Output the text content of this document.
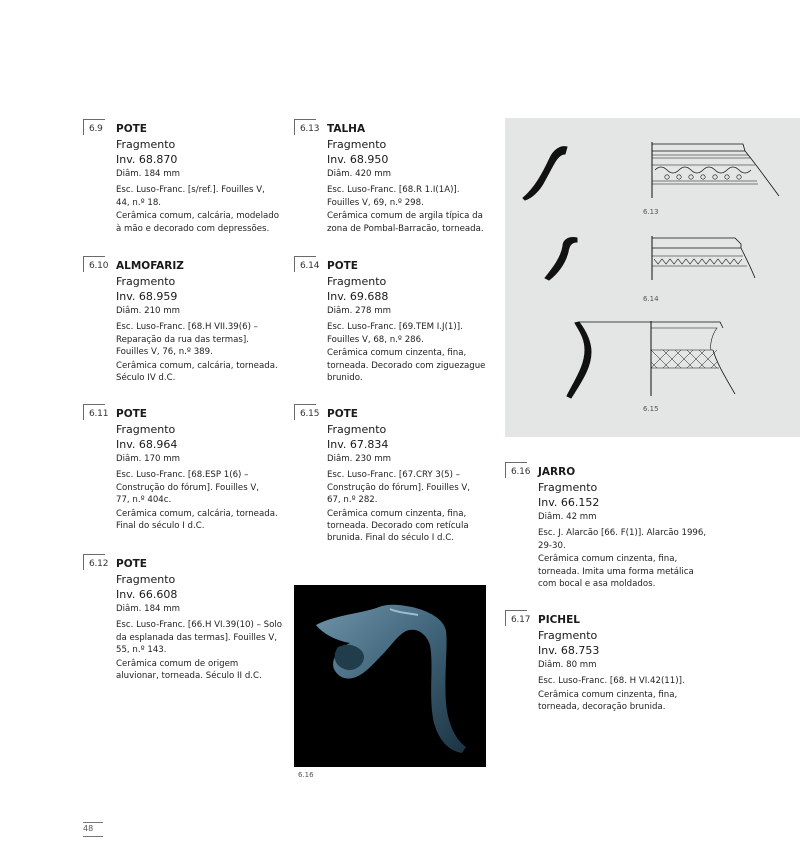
6.9 POTE
Fragmento
Inv. 68.870
Diâm. 184 mm
Esc. Luso-Franc. [s/ref.]. Fouilles V,
44, n.º 18.
Cerâmica comum, calcária, modelado
à mão e decorado com depressões.
6.10 ALMOFARIZ
Fragmento
Inv. 68.959
Diâm. 210 mm
Esc. Luso-Franc. [68.H VII.39(6) –
Reparação da rua das termas].
Fouilles V, 76, n.º 389.
Cerâmica comum, calcária, torneada.
Século IV d.C.
6.11 POTE
Fragmento
Inv. 68.964
Diâm. 170 mm
Esc. Luso-Franc. [68.ESP 1(6) –
Construção do fórum]. Fouilles V,
77, n.º 404c.
Cerâmica comum, calcária, torneada.
Final do século I d.C.
6.12 POTE
Fragmento
Inv. 66.608
Diâm. 184 mm
Esc. Luso-Franc. [66.H VI.39(10) – Solo
da esplanada das termas]. Fouilles V,
55, n.º 143.
Cerâmica comum de origem
aluvionar, torneada. Século II d.C.
6.13 TALHA
Fragmento
Inv. 68.950
Diâm. 420 mm
Esc. Luso-Franc. [68.R 1.I(1A)].
Fouilles V, 69, n.º 298.
Cerâmica comum de argila típica da
zona de Pombal-Barracão, torneada.
6.14 POTE
Fragmento
Inv. 69.688
Diâm. 278 mm
Esc. Luso-Franc. [69.TEM I.J(1)].
Fouilles V, 68, n.º 286.
Cerâmica comum cinzenta, fina,
torneada. Decorado com ziguezague
brunido.
6.15 POTE
Fragmento
Inv. 67.834
Diâm. 230 mm
Esc. Luso-Franc. [67.CRY 3(5) –
Construção do fórum]. Fouilles V,
67, n.º 282.
Cerâmica comum cinzenta, fina,
torneada. Decorado com retícula
brunida. Final do século I d.C.
6.16 JARRO
Fragmento
Inv. 66.152
Diâm. 42 mm
Esc. J. Alarcão [66. F(1)]. Alarcão 1996,
29-30.
Cerâmica comum cinzenta, fina,
torneada. Imita uma forma metálica
com bocal e asa moldados.
6.17 PICHEL
Fragmento
Inv. 68.753
Diâm. 80 mm
Esc. Luso-Franc. [68. H VI.42(11)].
Cerâmica comum cinzenta, fina,
torneada, decoração brunida.
6.13
6.14
6.15
6.16
48
